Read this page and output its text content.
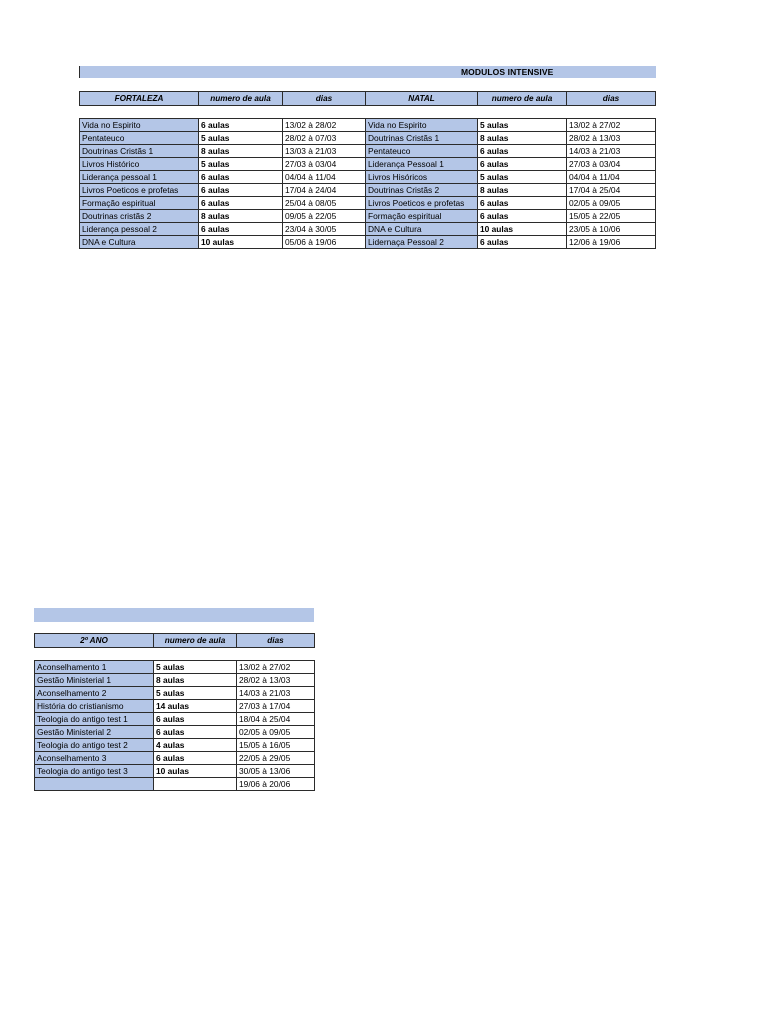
MODULOS INTENSIVE
FORTALEZA	numero de aula	dias	NATAL	numero de aula	dias
Vida no Espirito	6 aulas	13/02 à 28/02	Vida no Espirito	5 aulas	13/02 à 27/02
Pentateuco	5 aulas	28/02 à 07/03	Doutrinas Cristãs 1	8 aulas	28/02 à 13/03
Doutrinas Cristãs 1	8 aulas	13/03 à 21/03	Pentateuco	6 aulas	14/03 à 21/03
Livros Histórico	5 aulas	27/03 à 03/04	Liderança Pessoal 1	6 aulas	27/03 à 03/04
Liderança pessoal 1	6 aulas	04/04 à 11/04	Livros Hisóricos	5 aulas	04/04 à 11/04
Livros Poeticos e profetas	6 aulas	17/04 à 24/04	Doutrinas Cristãs 2	8 aulas	17/04 à 25/04
Formação espiritual	6 aulas	25/04 à 08/05	Livros Poeticos e profetas	6 aulas	02/05 à 09/05
Doutrinas cristãs 2	8 aulas	09/05 à 22/05	Formação espiritual	6 aulas	15/05 à 22/05
Liderança pessoal 2	6 aulas	23/04 à 30/05	DNA e Cultura	10 aulas	23/05 à 10/06
DNA e Cultura	10 aulas	05/06 à 19/06	Lidernaça Pessoal 2	6 aulas	12/06 à 19/06
2º ANO	numero de aula	dias
Aconselhamento 1	5 aulas	13/02 à 27/02
Gestão Ministerial 1	8 aulas	28/02 à 13/03
Aconselhamento 2	5 aulas	14/03 à 21/03
História do cristianismo	14 aulas	27/03 à 17/04
Teologia do antigo test 1	6 aulas	18/04 à 25/04
Gestão Ministerial 2	6 aulas	02/05 à 09/05
Teologia do antigo test 2	4 aulas	15/05 à 16/05
Aconselhamento 3	6 aulas	22/05 à 29/05
Teologia do antigo test 3	10 aulas	30/05 à 13/06
		19/06 à 20/06
